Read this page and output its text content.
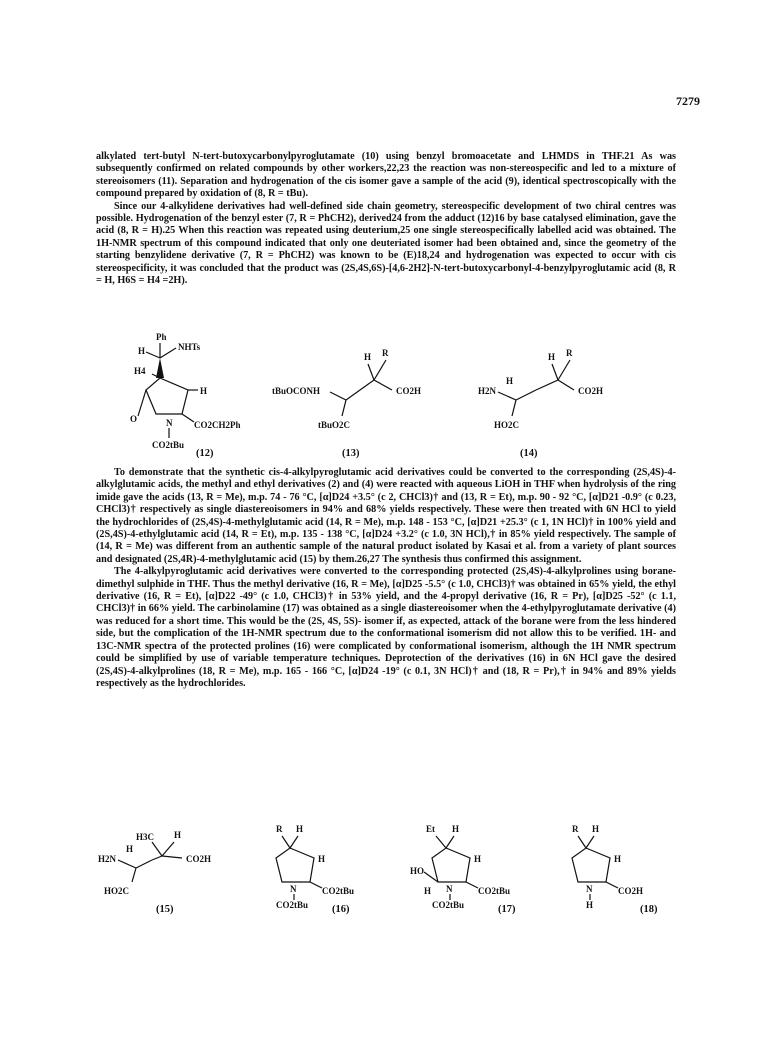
7279

alkylated tert-butyl N-tert-butoxycarbonylpyroglutamate (10) using benzyl bromoacetate and LHMDS in THF.21 As was subsequently confirmed on related compounds by other workers,22,23 the reaction was non-stereospecific and led to a mixture of stereoisomers (11). Separation and hydrogenation of the cis isomer gave a sample of the acid (9), identical spectroscopically with the compound prepared by oxidation of (8, R = tBu).

Since our 4-alkylidene derivatives had well-defined side chain geometry, stereospecific development of two chiral centres was possible. Hydrogenation of the benzyl ester (7, R = PhCH2), derived24 from the adduct (12)16 by base catalysed elimination, gave the acid (8, R = H).25 When this reaction was repeated using deuterium,25 one single stereospecifically labelled acid was obtained. The 1H-NMR spectrum of this compound indicated that only one deuteriated isomer had been obtained and, since the geometry of the starting benzylidene derivative (7, R = PhCH2) was known to be (E)18,24 and hydrogenation was expected to occur with cis stereospecificity, it was concluded that the product was (2S,4S,6S)-[4,6-2H2]-N-tert-butoxycarbonyl-4-benzylpyroglutamic acid (8, R = H, H6S = H4 =2H).

Ph
H	NHTs
H4
H
O	N CO2CH2Ph
CO2tBu
(12)
H R
tBuOCONH	CO2H
tBuO2C
(13)
H R
H2N
H
CO2H
HO2C
(14)

To demonstrate that the synthetic cis-4-alkylpyroglutamic acid derivatives could be converted to the corresponding (2S,4S)-4-alkylglutamic acids, the methyl and ethyl derivatives (2) and (4) were reacted with aqueous LiOH in THF when hydrolysis of the ring imide gave the acids (13, R = Me), m.p. 74 - 76 °C, [α]D24 +3.5° (c 2, CHCl3)† and (13, R = Et), m.p. 90 - 92 °C, [α]D21 -0.9° (c 0.23, CHCl3)† respectively as single diastereoisomers in 94% and 68% yields respectively. These were then treated with 6N HCl to yield the hydrochlorides of (2S,4S)-4-methylglutamic acid (14, R = Me), m.p. 148 - 153 °C, [α]D21 +25.3° (c 1, 1N HCl)† in 100% yield and (2S,4S)-4-ethylglutamic acid (14, R = Et), m.p. 135 - 138 °C, [α]D24 +3.2° (c 1.0, 3N HCl),† in 85% yield respectively. The sample of (14, R = Me) was different from an authentic sample of the natural product isolated by Kasai et al. from a variety of plant sources and designated (2S,4R)-4-methylglutamic acid (15) by them.26,27 The synthesis thus confirmed this assignment.

The 4-alkylpyroglutamic acid derivatives were converted to the corresponding protected (2S,4S)-4-alkylprolines using borane-dimethyl sulphide in THF. Thus the methyl derivative (16, R = Me), [α]D25 -5.5° (c 1.0, CHCl3)† was obtained in 65% yield, the ethyl derivative (16, R = Et), [α]D22 -49° (c 1.0, CHCl3)† in 53% yield, and the 4-propyl derivative (16, R = Pr), [α]D25 -52° (c 1.1, CHCl3)† in 66% yield. The carbinolamine (17) was obtained as a single diastereoisomer when the 4-ethylpyroglutamate derivative (4) was reduced for a short time. This would be the (2S, 4S, 5S)- isomer if, as expected, attack of the borane were from the less hindered side, but the complication of the 1H-NMR spectrum due to the conformational isomerism did not allow this to be verified. 1H- and 13C-NMR spectra of the protected prolines (16) were complicated by conformational isomerism, although the 1H NMR spectrum could be simplified by use of variable temperature techniques. Deprotection of the derivatives (16) in 6N HCl gave the desired (2S,4S)-4-alkylprolines (18, R = Me), m.p. 165 - 166 °C, [α]D24 -19° (c 0.1, 3N HCl)† and (18, R = Pr),† in 94% and 89% yields respectively as the hydrochlorides.

H3C H
H2N
H
CO2H
HO2C
(15)
R H
H
N	CO2tBu
CO2tBu (16)
Et H
H
HO
H N	CO2tBu
CO2tBu	(17)
R H
H
N	CO2H
H	(18)
